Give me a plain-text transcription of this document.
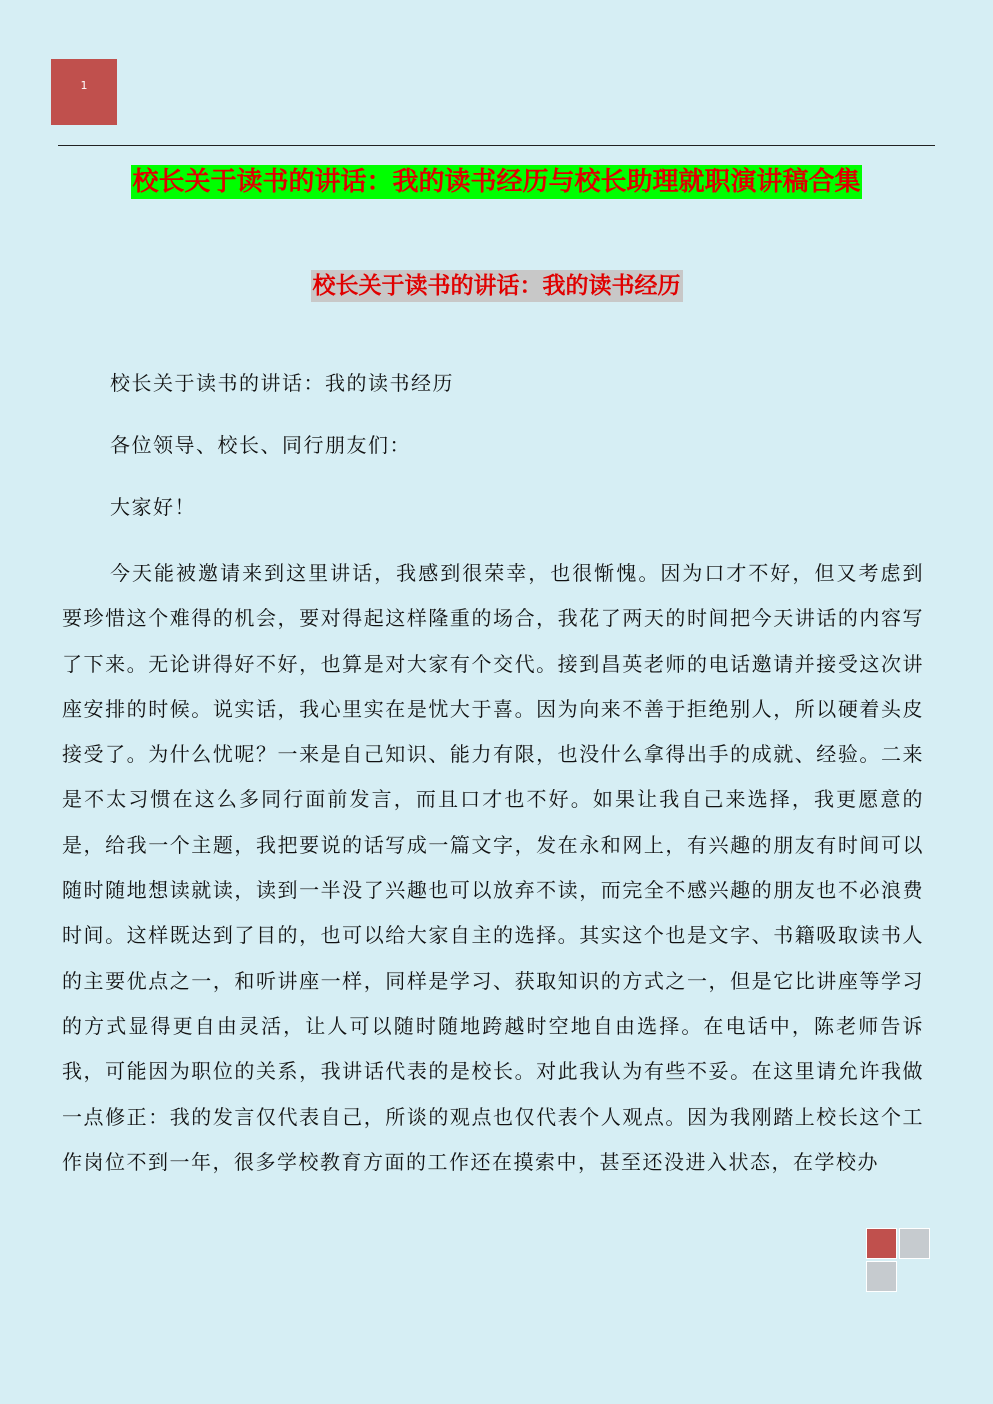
1
校长关于读书的讲话：我的读书经历与校长助理就职演讲稿合集
校长关于读书的讲话：我的读书经历

校长关于读书的讲话：我的读书经历

各位领导、校长、同行朋友们：

大家好！

今天能被邀请来到这里讲话，我感到很荣幸，也很惭愧。因为口才不好，但又考虑到要珍惜这个难得的机会，要对得起这样隆重的场合，我花了两天的时间把今天讲话的内容写了下来。无论讲得好不好，也算是对大家有个交代。接到昌英老师的电话邀请并接受这次讲座安排的时候。说实话，我心里实在是忧大于喜。因为向来不善于拒绝别人，所以硬着头皮接受了。为什么忧呢？一来是自己知识、能力有限，也没什么拿得出手的成就、经验。二来是不太习惯在这么多同行面前发言，而且口才也不好。如果让我自己来选择，我更愿意的是，给我一个主题，我把要说的话写成一篇文字，发在永和网上，有兴趣的朋友有时间可以随时随地想读就读，读到一半没了兴趣也可以放弃不读，而完全不感兴趣的朋友也不必浪费时间。这样既达到了目的，也可以给大家自主的选择。其实这个也是文字、书籍吸取读书人的主要优点之一，和听讲座一样，同样是学习、获取知识的方式之一，但是它比讲座等学习的方式显得更自由灵活，让人可以随时随地跨越时空地自由选择。在电话中，陈老师告诉我，可能因为职位的关系，我讲话代表的是校长。对此我认为有些不妥。在这里请允许我做一点修正：我的发言仅代表自己，所谈的观点也仅代表个人观点。因为我刚踏上校长这个工作岗位不到一年，很多学校教育方面的工作还在摸索中，甚至还没进入状态，在学校办
